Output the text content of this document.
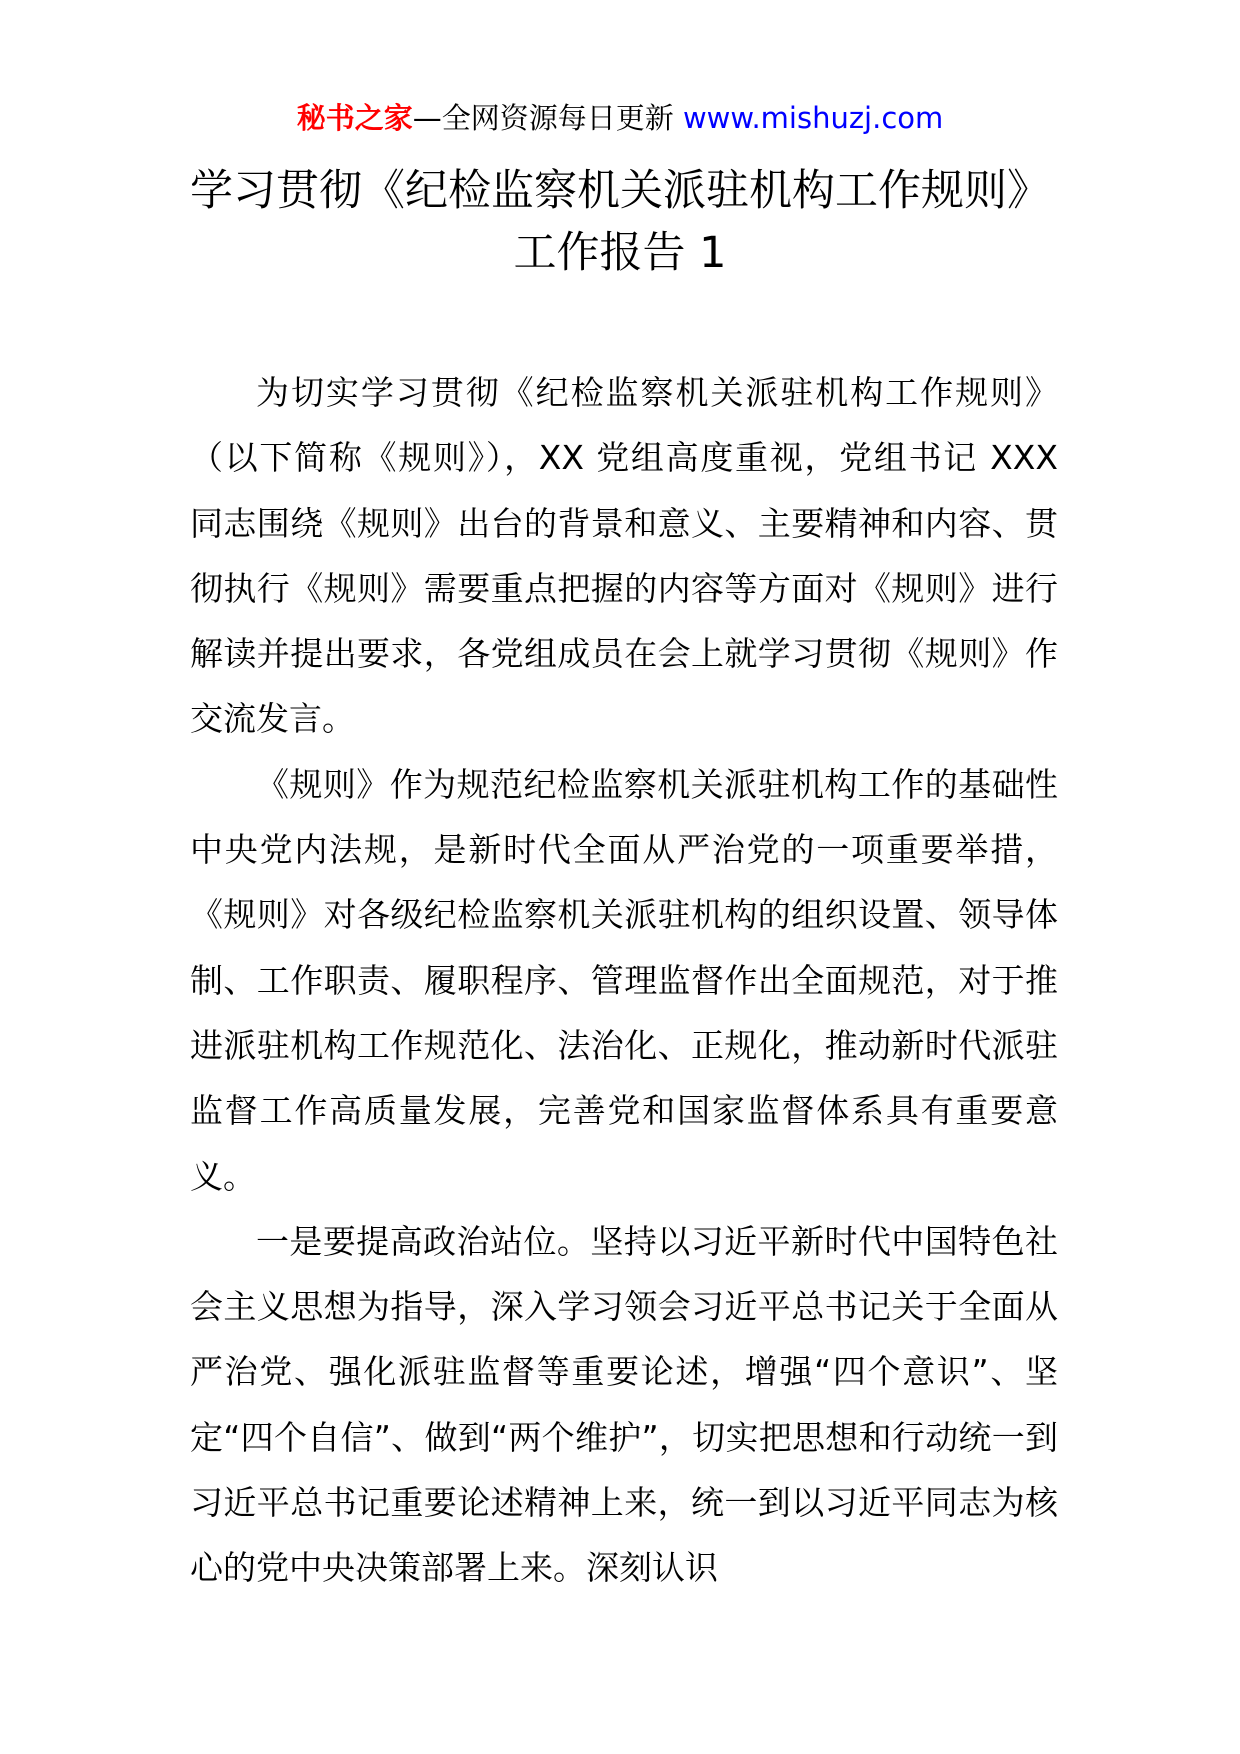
秘书之家—全网资源每日更新 www.mishuzj.com
学习贯彻《纪检监察机关派驻机构工作规则》工作报告 1

为切实学习贯彻《纪检监察机关派驻机构工作规则》（以下简称《规则》），XX 党组高度重视，党组书记 XXX 同志围绕《规则》出台的背景和意义、主要精神和内容、贯彻执行《规则》需要重点把握的内容等方面对《规则》进行解读并提出要求，各党组成员在会上就学习贯彻《规则》作交流发言。

《规则》作为规范纪检监察机关派驻机构工作的基础性中央党内法规，是新时代全面从严治党的一项重要举措，《规则》对各级纪检监察机关派驻机构的组织设置、领导体制、工作职责、履职程序、管理监督作出全面规范，对于推进派驻机构工作规范化、法治化、正规化，推动新时代派驻监督工作高质量发展，完善党和国家监督体系具有重要意义。

一是要提高政治站位。坚持以习近平新时代中国特色社会主义思想为指导，深入学习领会习近平总书记关于全面从严治党、强化派驻监督等重要论述，增强“四个意识”、坚定“四个自信”、做到“两个维护”，切实把思想和行动统一到习近平总书记重要论述精神上来，统一到以习近平同志为核心的党中央决策部署上来。深刻认识
